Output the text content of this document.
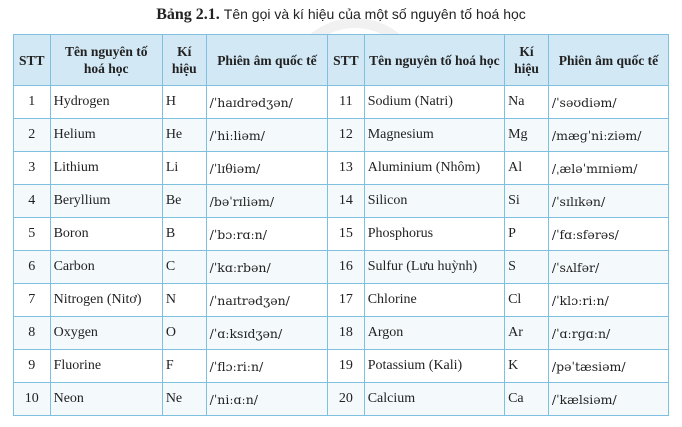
Bảng 2.1. Tên gọi và kí hiệu của một số nguyên tố hoá học
STT	Tên nguyên tố hoá học	Kí hiệu	Phiên âm quốc tế	STT	Tên nguyên tố hoá học	Kí hiệu	Phiên âm quốc tế
1	Hydrogen	H	/ˈhaɪdrədʒən/	11	Sodium (Natri)	Na	/ˈsəʊdiəm/
2	Helium	He	/ˈhiːliəm/	12	Magnesium	Mg	/mæɡˈniːziəm/
3	Lithium	Li	/ˈlɪθiəm/	13	Aluminium (Nhôm)	Al	/ˌæləˈmɪniəm/
4	Beryllium	Be	/bəˈrɪliəm/	14	Silicon	Si	/ˈsɪlɪkən/
5	Boron	B	/ˈbɔːrɑːn/	15	Phosphorus	P	/ˈfɑːsfərəs/
6	Carbon	C	/ˈkɑːrbən/	16	Sulfur (Lưu huỳnh)	S	/ˈsʌlfər/
7	Nitrogen (Nitơ)	N	/ˈnaɪtrədʒən/	17	Chlorine	Cl	/ˈklɔːriːn/
8	Oxygen	O	/ˈɑːksɪdʒən/	18	Argon	Ar	/ˈɑːrɡɑːn/
9	Fluorine	F	/ˈflɔːriːn/	19	Potassium (Kali)	K	/pəˈtæsiəm/
10	Neon	Ne	/ˈniːɑːn/	20	Calcium	Ca	/ˈkælsiəm/
